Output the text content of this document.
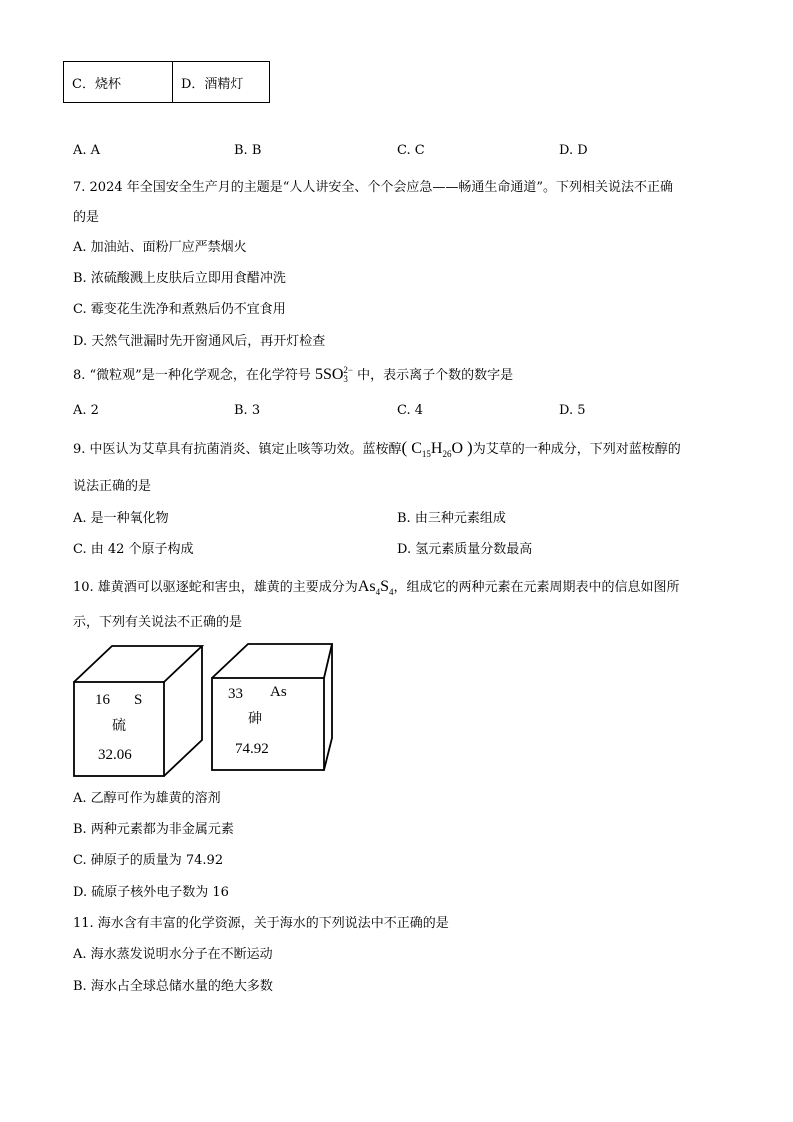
C．烧杯	D．酒精灯
A. A	B. B	C. C	D. D
7. 2024 年全国安全生产月的主题是“人人讲安全、个个会应急——畅通生命通道”。下列相关说法不正确
的是
A. 加油站、面粉厂应严禁烟火
B. 浓硫酸溅上皮肤后立即用食醋冲洗
C. 霉变花生洗净和煮熟后仍不宜食用
D. 天然气泄漏时先开窗通风后，再开灯检查
8. “微粒观”是一种化学观念，在化学符号 5SO 2−
3 中，表示离子个数的数字是
A. 2	B. 3	C. 4	D. 5
9. 中医认为艾草具有抗菌消炎、镇定止咳等功效。蓝桉醇( $C_{15}H_{26}O$ )为艾草的一种成分，下列对蓝桉醇的
说法正确的是
A. 是一种氧化物	B. 由三种元素组成
C. 由 42 个原子构成	D. 氢元素质量分数最高
10. 雄黄酒可以驱逐蛇和害虫，雄黄的主要成分为$As_4S_4$，组成它的两种元素在元素周期表中的信息如图所
示，下列有关说法不正确的是
16 S
硫
32.06
33 As
砷
74.92
A. 乙醇可作为雄黄的溶剂
B. 两种元素都为非金属元素
C. 砷原子的质量为 74.92
D. 硫原子核外电子数为 16
11. 海水含有丰富的化学资源，关于海水的下列说法中不正确的是
A. 海水蒸发说明水分子在不断运动
B. 海水占全球总储水量的绝大多数
